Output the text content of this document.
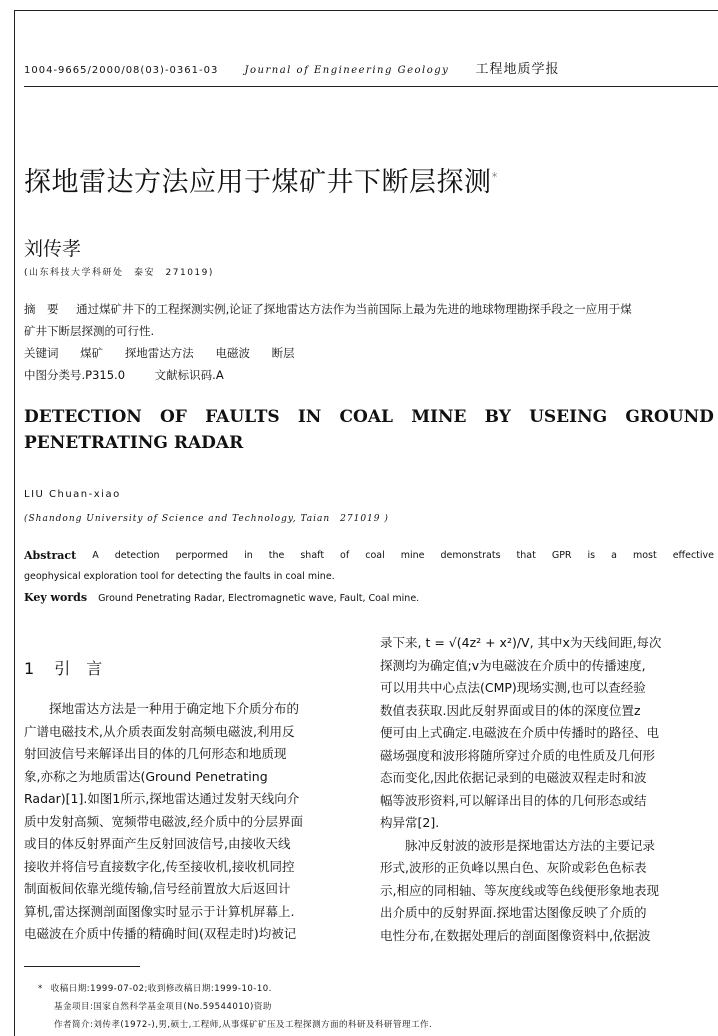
1004-9665/2000/08(03)-0361-03	Journal of Engineering Geology 工程地质学报
探地雷达方法应用于煤矿井下断层探测*
刘传孝
(山东科技大学科研处　泰安　271019)
摘　要 通过煤矿井下的工程探测实例,论证了探地雷达方法作为当前国际上最为先进的地球物理勘探手段之一应用于煤
矿井下断层探测的可行性.
关键词 煤矿 探地雷达方法 电磁波 断层
中图分类号.P315.0	文献标识码.A
DETECTION OF FAULTS IN COAL MINE BY USEING GROUND
PENETRATING RADAR
LIU Chuan-xiao
(Shandong University of Science and Technology, Taian　271019 )
Abstract A detection perpormed in the shaft of coal mine demonstrats that GPR is a most effective
geophysical exploration tool for detecting the faults in coal mine.
Key words Ground Penetrating Radar, Electromagnetic wave, Fault, Coal mine.
1 引　言
探地雷达方法是一种用于确定地下介质分布的
广谱电磁技术,从介质表面发射高频电磁波,利用反
射回波信号来解译出目的体的几何形态和地质现
象,亦称之为地质雷达(Ground Penetrating
Radar)[1].如图1所示,探地雷达通过发射天线向介
质中发射高频、宽频带电磁波,经介质中的分层界面
或目的体反射界面产生反射回波信号,由接收天线
接收并将信号直接数字化,传至接收机,接收机同控
制面板间依靠光缆传输,信号经前置放大后返回计
算机,雷达探测剖面图像实时显示于计算机屏幕上.
电磁波在介质中传播的精确时间(双程走时)均被记
录下来, t = √(4z² + x²)/V, 其中x为天线间距,每次
探测均为确定值;v为电磁波在介质中的传播速度,
可以用共中心点法(CMP)现场实测,也可以查经验
数值表获取.因此反射界面或目的体的深度位置z
便可由上式确定.电磁波在介质中传播时的路径、电
磁场强度和波形将随所穿过介质的电性质及几何形
态而变化,因此依据记录到的电磁波双程走时和波
幅等波形资料,可以解译出目的体的几何形态或结
构异常[2].
脉冲反射波的波形是探地雷达方法的主要记录
形式,波形的正负峰以黑白色、灰阶或彩色色标表
示,相应的同相轴、等灰度线或等色线便形象地表现
出介质中的反射界面.探地雷达图像反映了介质的
电性分布,在数据处理后的剖面图像资料中,依据波
* 收稿日期:1999-07-02;收到修改稿日期:1999-10-10.
基金项目:国家自然科学基金项目(No.59544010)资助
作者简介:刘传孝(1972-),男,硕士,工程师,从事煤矿矿压及工程探测方面的科研及科研管理工作.
